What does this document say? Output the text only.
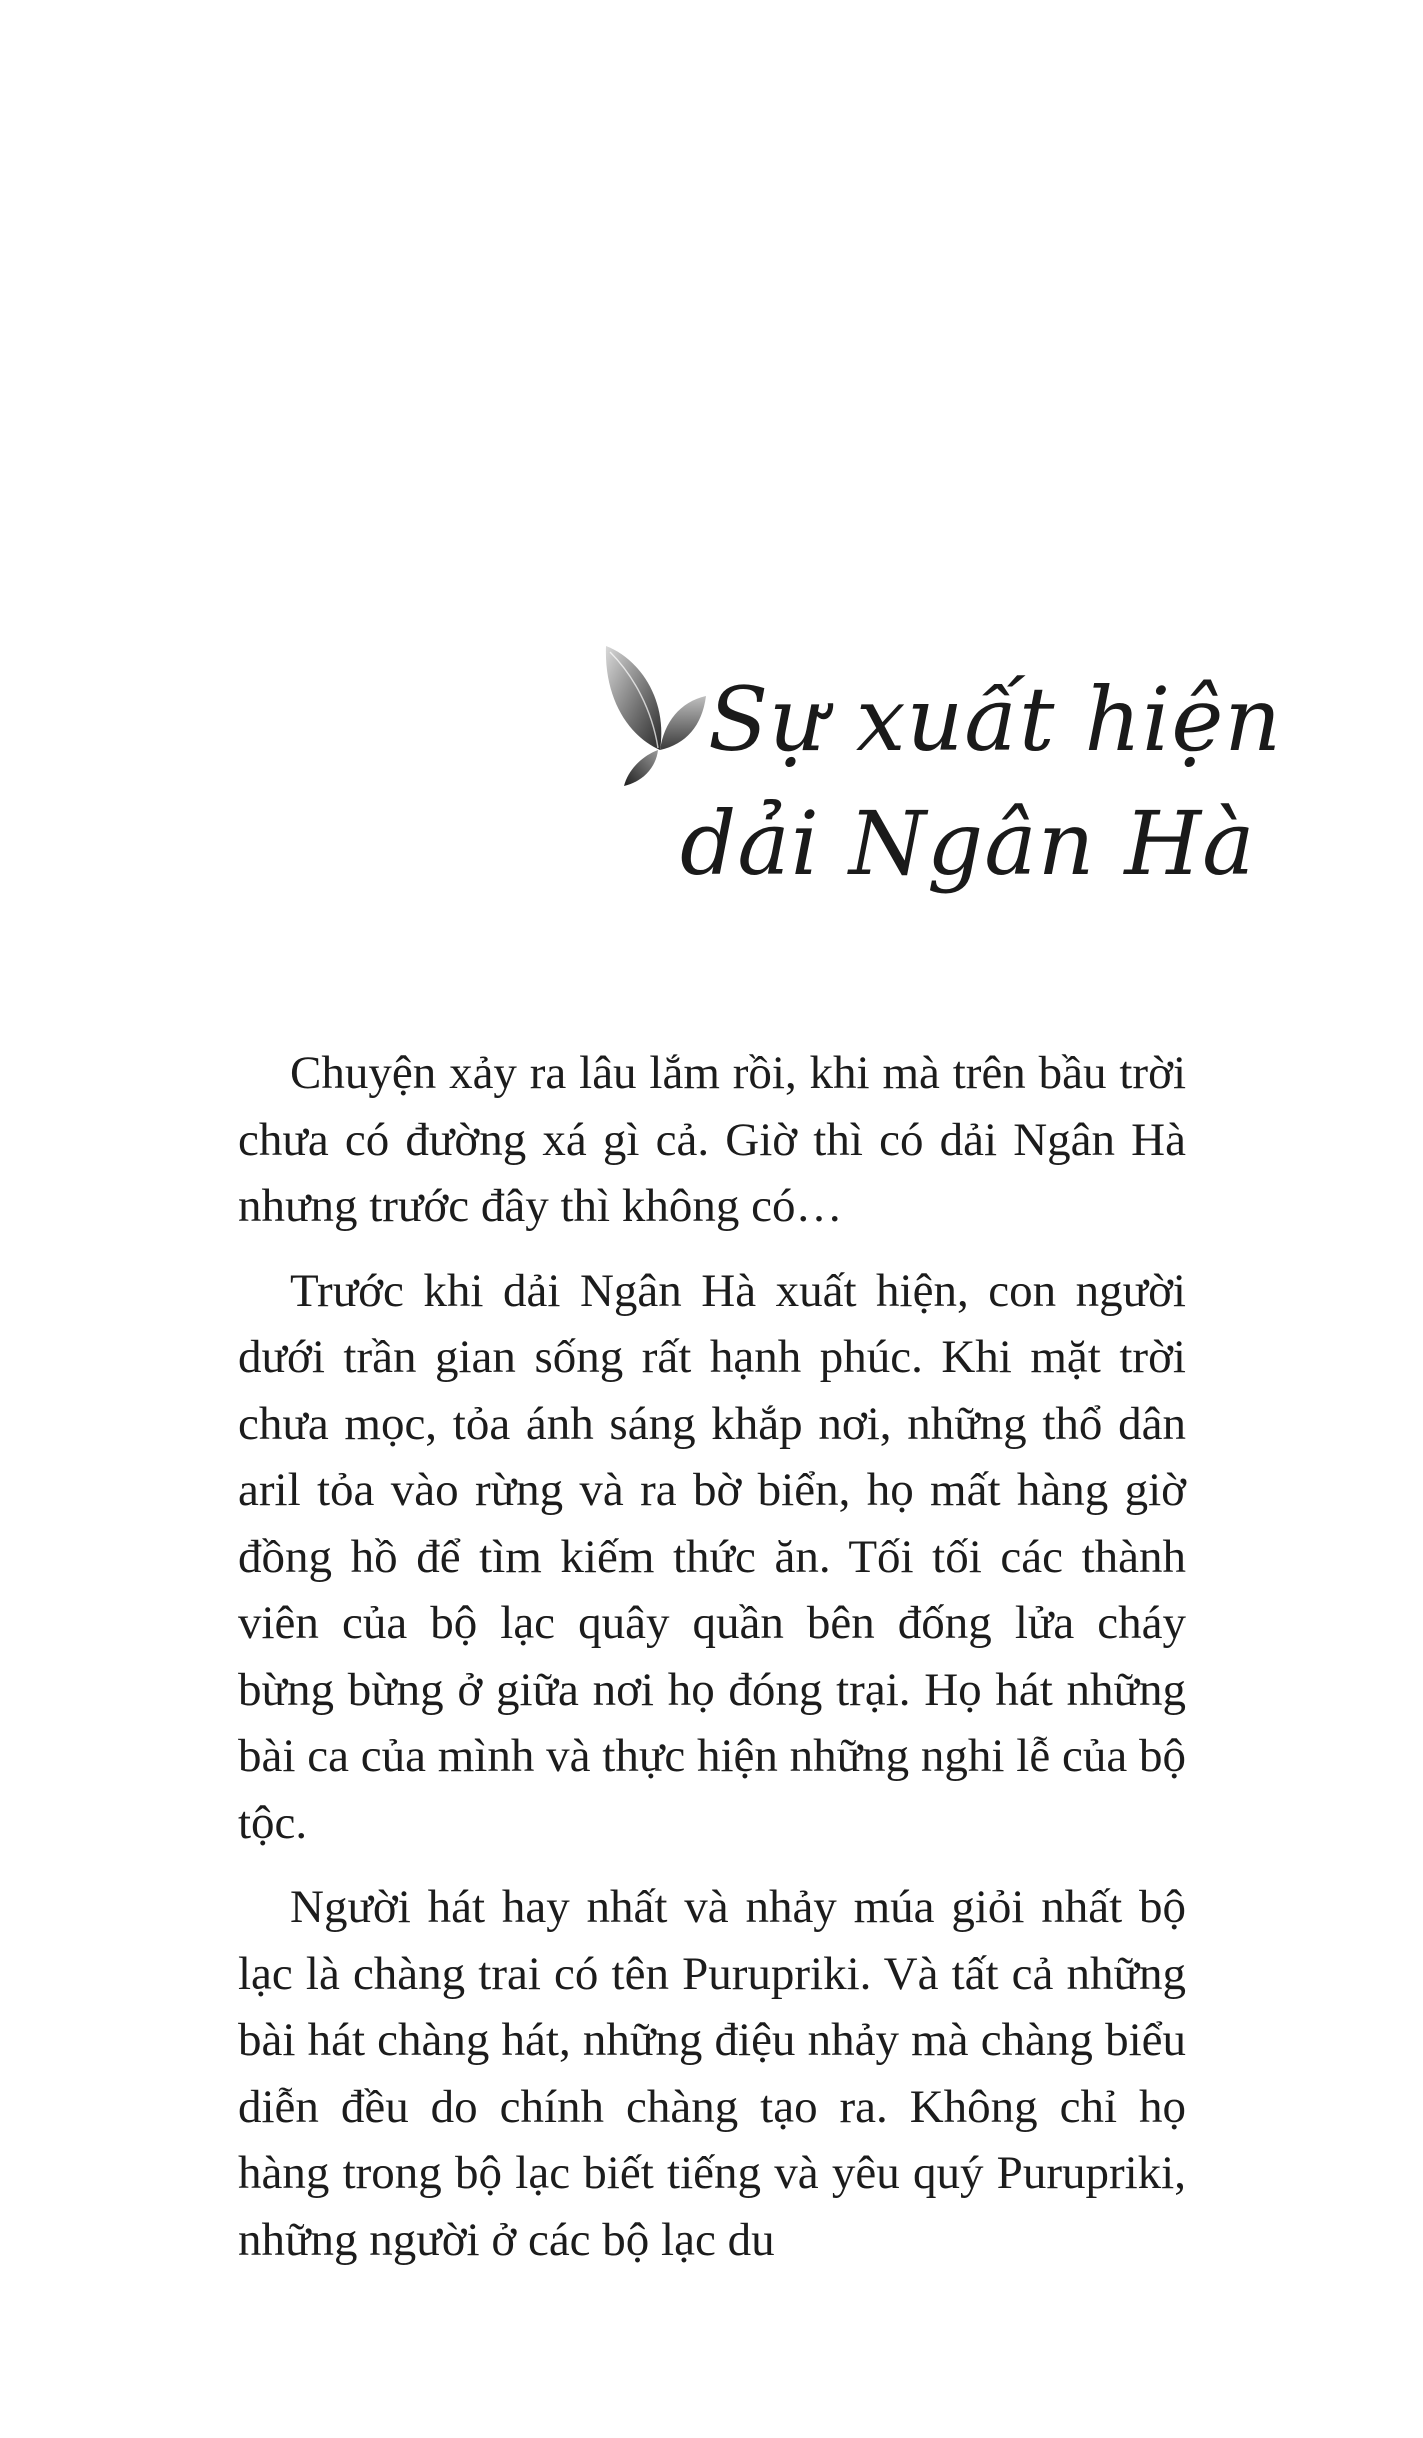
Sự xuất hiện
dải Ngân Hà

Chuyện xảy ra lâu lắm rồi, khi mà trên bầu trời chưa có đường xá gì cả. Giờ thì có dải Ngân Hà nhưng trước đây thì không có…

Trước khi dải Ngân Hà xuất hiện, con người dưới trần gian sống rất hạnh phúc. Khi mặt trời chưa mọc, tỏa ánh sáng khắp nơi, những thổ dân aril tỏa vào rừng và ra bờ biển, họ mất hàng giờ đồng hồ để tìm kiếm thức ăn. Tối tối các thành viên của bộ lạc quây quần bên đống lửa cháy bừng bừng ở giữa nơi họ đóng trại. Họ hát những bài ca của mình và thực hiện những nghi lễ của bộ tộc.

Người hát hay nhất và nhảy múa giỏi nhất bộ lạc là chàng trai có tên Purupriki. Và tất cả những bài hát chàng hát, những điệu nhảy mà chàng biểu diễn đều do chính chàng tạo ra. Không chỉ họ hàng trong bộ lạc biết tiếng và yêu quý Purupriki, những người ở các bộ lạc du
